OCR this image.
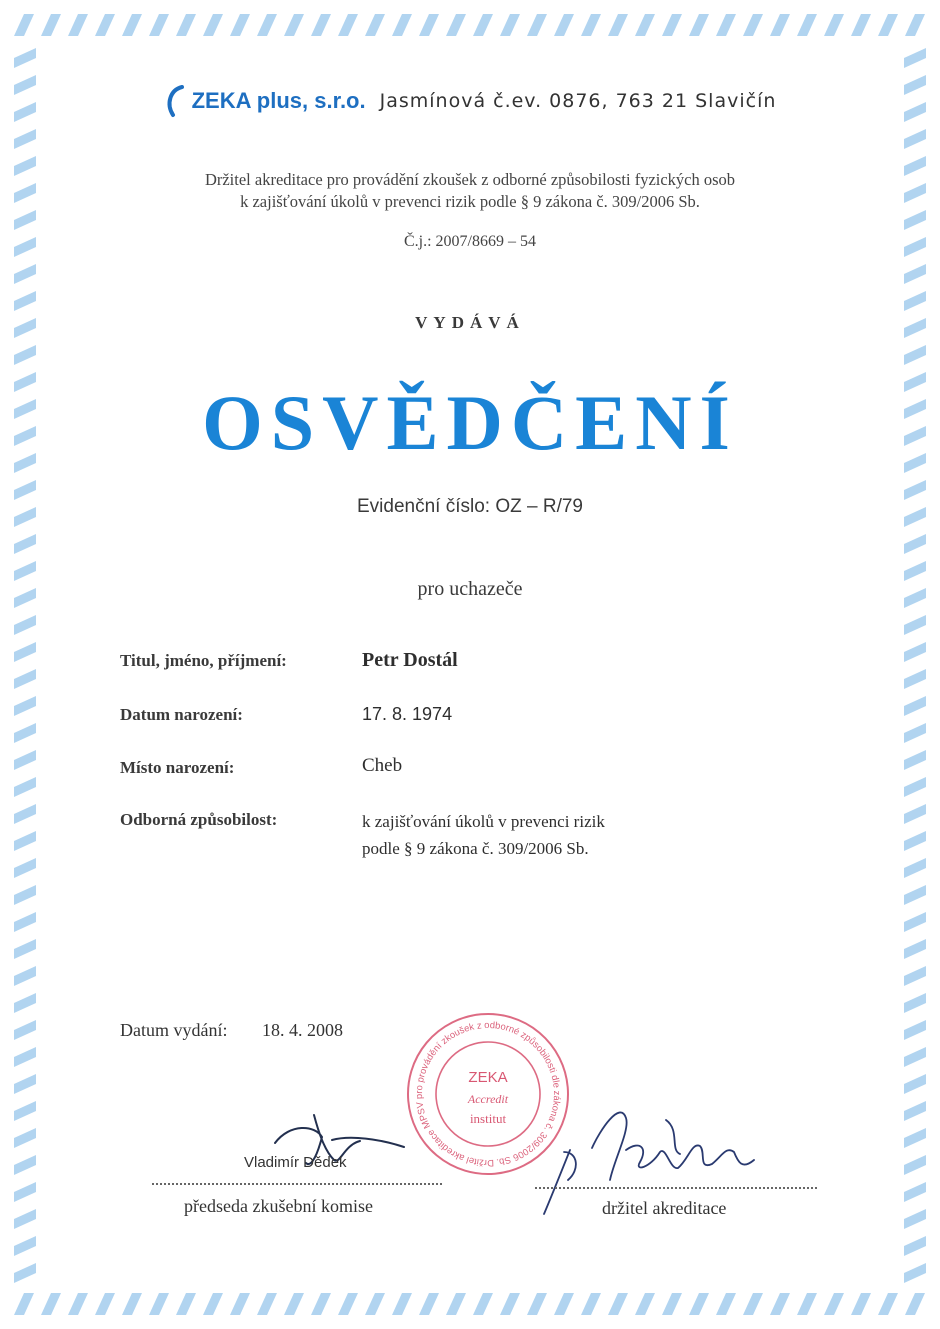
ZEKA plus, s.r.o. Jasmínová č.ev. 0876, 763 21 Slavičín
Držitel akreditace pro provádění zkoušek z odborné způsobilosti fyzických osob
k zajišťování úkolů v prevenci rizik podle § 9 zákona č. 309/2006 Sb.
Č.j.: 2007/8669 – 54
VYDÁVÁ
OSVĚDČENÍ
Evidenční číslo: OZ – R/79
pro uchazeče
Titul, jméno, příjmení:	Petr Dostál
Datum narození:	17. 8. 1974
Místo narození:	Cheb
Odborná způsobilost:	k zajišťování úkolů v prevenci rizik
podle § 9 zákona č. 309/2006 Sb.
Datum vydání: 18. 4. 2008
Držitel akreditace MPSV pro provádění zkoušek z odborné způsobilosti dle zákona č. 309/2006 Sb.
ZEKA
Accredit
institut
Vladimír Dědek
předseda zkušební komise	držitel akreditace
